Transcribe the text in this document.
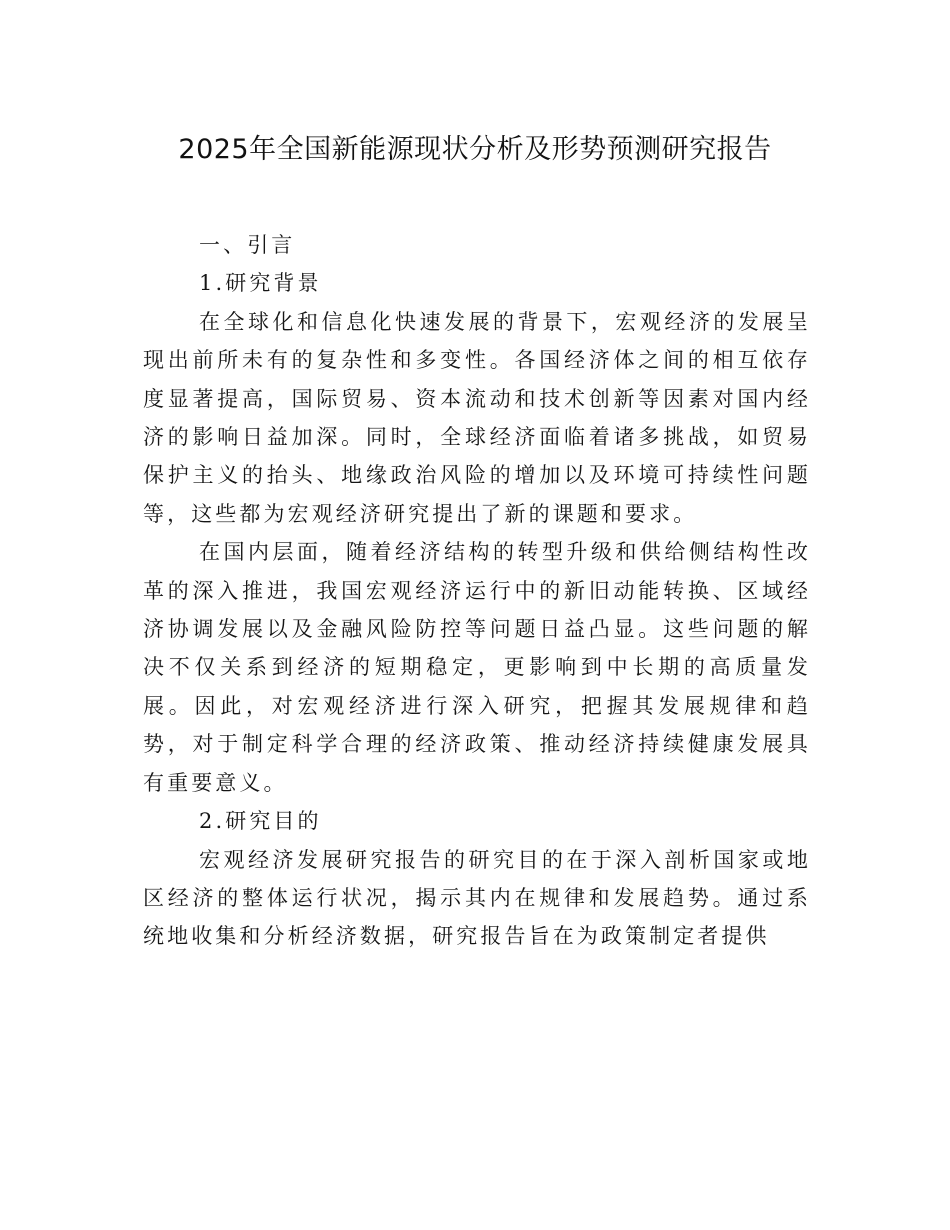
2025年全国新能源现状分析及形势预测研究报告

一、引言

1.研究背景

在全球化和信息化快速发展的背景下，宏观经济的发展呈现出前所未有的复杂性和多变性。各国经济体之间的相互依存度显著提高，国际贸易、资本流动和技术创新等因素对国内经济的影响日益加深。同时，全球经济面临着诸多挑战，如贸易保护主义的抬头、地缘政治风险的增加以及环境可持续性问题等，这些都为宏观经济研究提出了新的课题和要求。

在国内层面，随着经济结构的转型升级和供给侧结构性改革的深入推进，我国宏观经济运行中的新旧动能转换、区域经济协调发展以及金融风险防控等问题日益凸显。这些问题的解决不仅关系到经济的短期稳定，更影响到中长期的高质量发展。因此，对宏观经济进行深入研究，把握其发展规律和趋势，对于制定科学合理的经济政策、推动经济持续健康发展具有重要意义。

2.研究目的

宏观经济发展研究报告的研究目的在于深入剖析国家或地区经济的整体运行状况，揭示其内在规律和发展趋势。通过系统地收集和分析经济数据，研究报告旨在为政策制定者提供
